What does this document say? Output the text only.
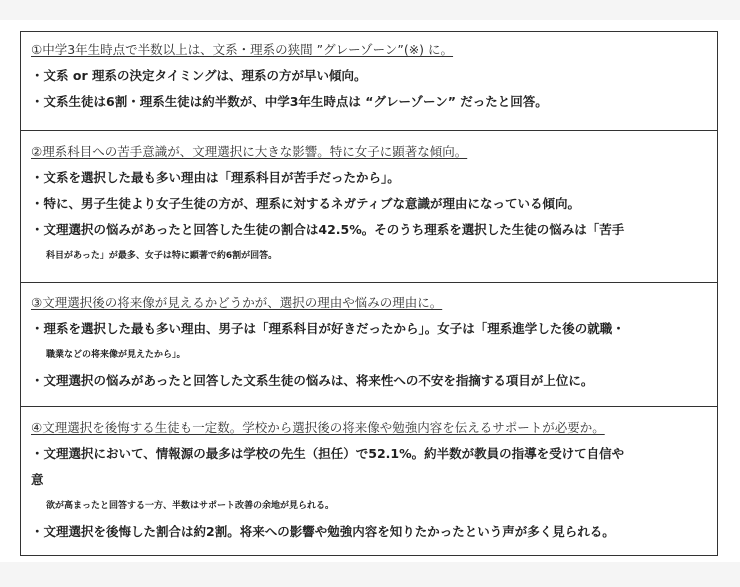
①中学3年生時点で半数以上は、文系・理系の狭間 ”グレーゾーン”(※) に。

・文系 or 理系の決定タイミングは、理系の方が早い傾向。

・文系生徒は6割・理系生徒は約半数が、中学3年生時点は “グレーゾーン” だったと回答。

②理系科目への苦手意識が、文理選択に大きな影響。特に女子に顕著な傾向。

・文系を選択した最も多い理由は「理系科目が苦手だったから」。

・特に、男子生徒より女子生徒の方が、理系に対するネガティブな意識が理由になっている傾向。

・文理選択の悩みがあったと回答した生徒の割合は42.5%。そのうち理系を選択した生徒の悩みは「苦手

科目があった」が最多、女子は特に顕著で約6割が回答。

③文理選択後の将来像が見えるかどうかが、選択の理由や悩みの理由に。

・理系を選択した最も多い理由、男子は「理系科目が好きだったから」。女子は「理系進学した後の就職・

職業などの将来像が見えたから」。

・文理選択の悩みがあったと回答した文系生徒の悩みは、将来性への不安を指摘する項目が上位に。

④文理選択を後悔する生徒も一定数。学校から選択後の将来像や勉強内容を伝えるサポートが必要か。

・文理選択において、情報源の最多は学校の先生（担任）で52.1%。約半数が教員の指導を受けて自信や

意

欲が高まったと回答する一方、半数はサポート改善の余地が見られる。

・文理選択を後悔した割合は約2割。将来への影響や勉強内容を知りたかったという声が多く見られる。
